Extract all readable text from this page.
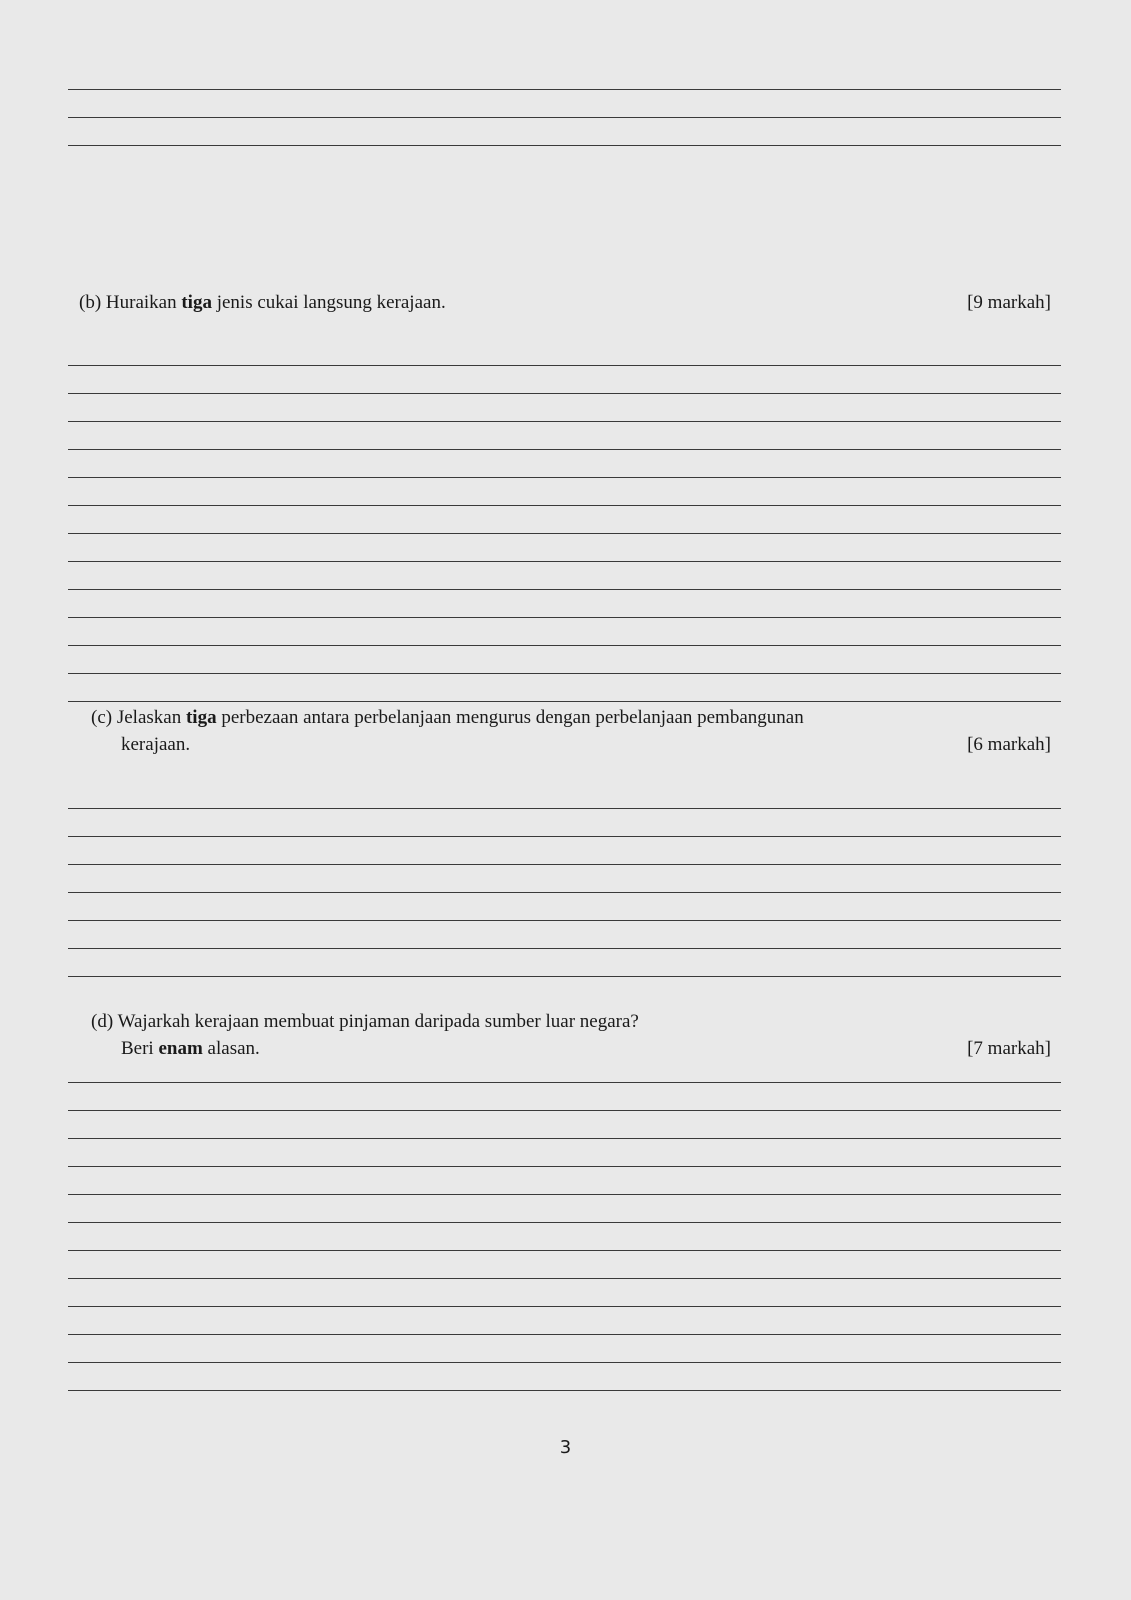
(b) Huraikan tiga jenis cukai langsung kerajaan.	[9 markah]
(c) Jelaskan tiga perbezaan antara perbelanjaan mengurus dengan perbelanjaan pembangunan
kerajaan.	[6 markah]
(d) Wajarkah kerajaan membuat pinjaman daripada sumber luar negara?
Beri enam alasan.	[7 markah]
3
